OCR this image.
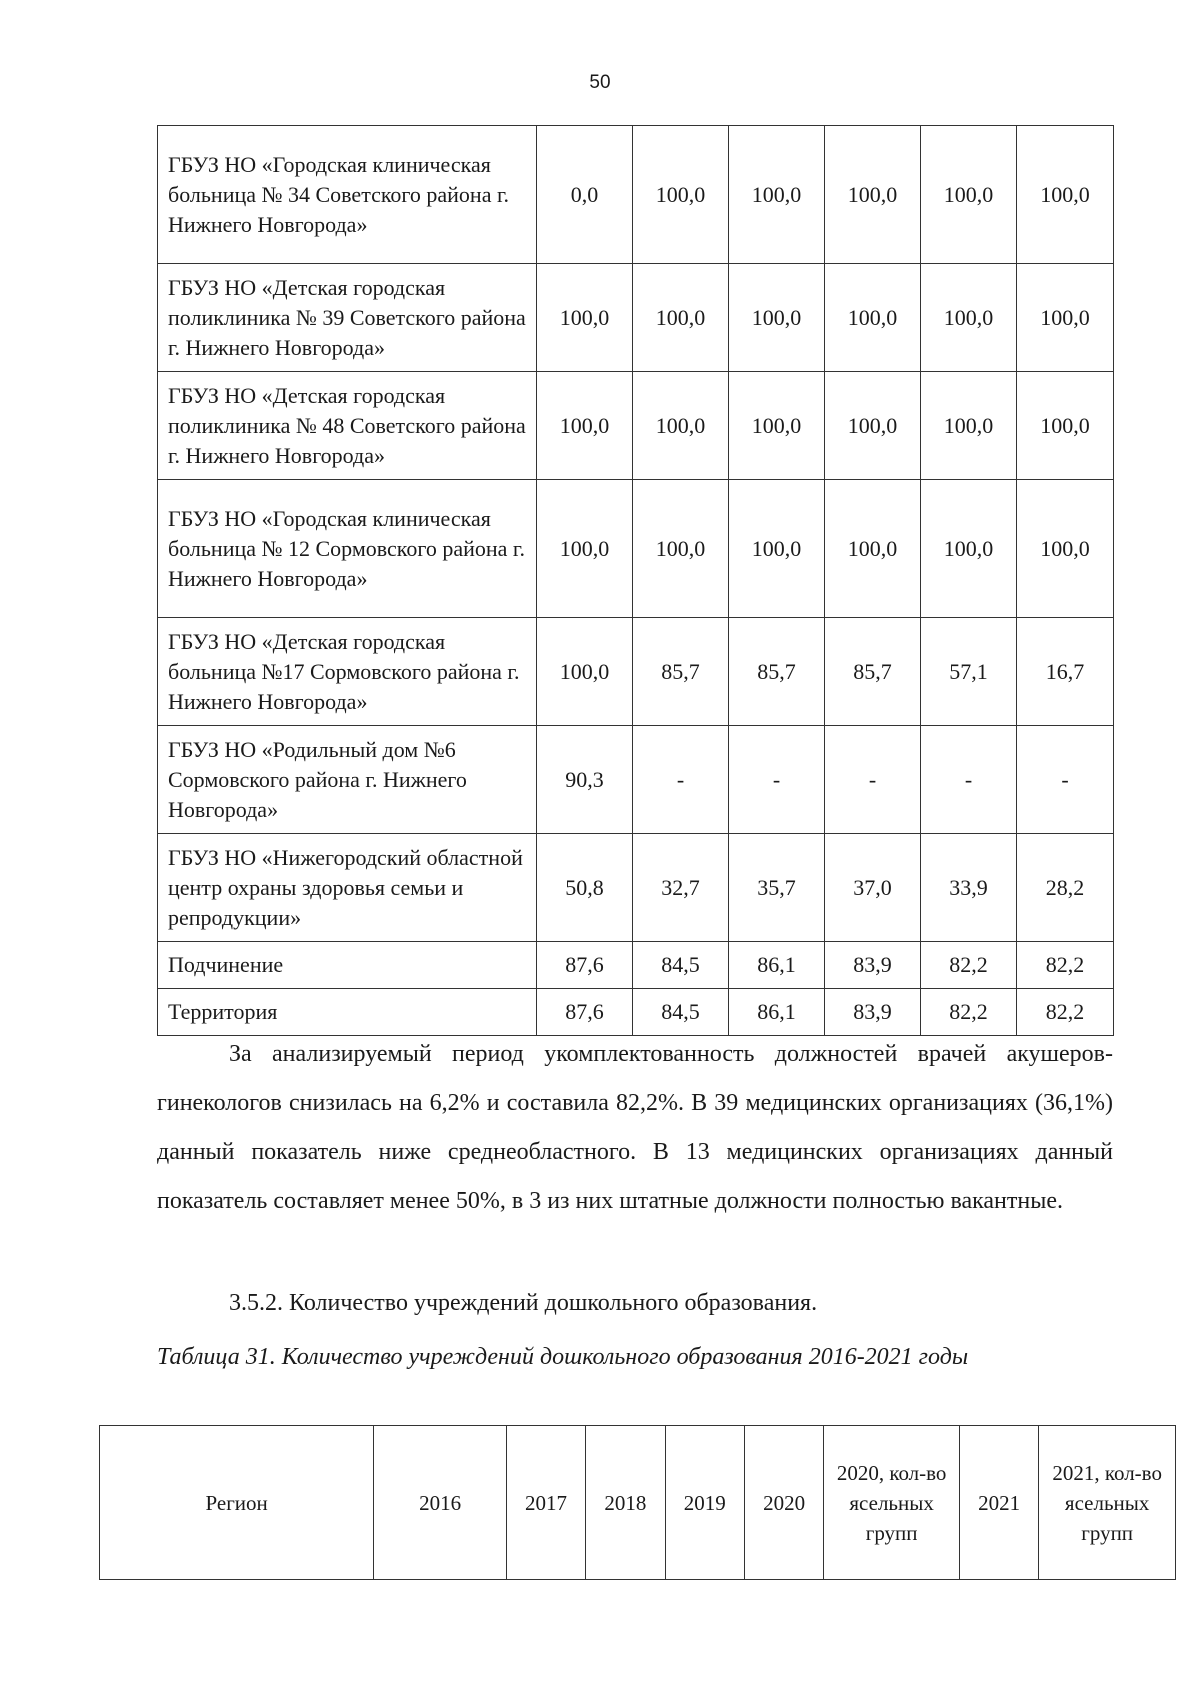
50
ГБУЗ НО «Городская клиническая больница № 34 Советского района г. Нижнего Новгорода»	0,0	100,0	100,0	100,0	100,0	100,0
ГБУЗ НО «Детская городская поликлиника № 39 Советского района г. Нижнего Новгорода»	100,0	100,0	100,0	100,0	100,0	100,0
ГБУЗ НО «Детская городская поликлиника № 48 Советского района г. Нижнего Новгорода»	100,0	100,0	100,0	100,0	100,0	100,0
ГБУЗ НО «Городская клиническая больница № 12 Сормовского района г. Нижнего Новгорода»	100,0	100,0	100,0	100,0	100,0	100,0
ГБУЗ НО «Детская городская больница №17 Сормовского района г. Нижнего Новгорода»	100,0	85,7	85,7	85,7	57,1	16,7
ГБУЗ НО «Родильный дом №6 Сормовского района г. Нижнего Новгорода»	90,3	-	-	-	-	-
ГБУЗ НО «Нижегородский областной центр охраны здоровья семьи и репродукции»	50,8	32,7	35,7	37,0	33,9	28,2
Подчинение	87,6	84,5	86,1	83,9	82,2	82,2
Территория	87,6	84,5	86,1	83,9	82,2	82,2

За анализируемый период укомплектованность должностей врачей акушеров-гинекологов снизилась на 6,2% и составила 82,2%. В 39 медицинских организациях (36,1%) данный показатель ниже среднеобластного. В 13 медицинских организациях данный показатель составляет менее 50%, в 3 из них штатные должности полностью вакантные.

3.5.2. Количество учреждений дошкольного образования.

Таблица 31. Количество учреждений дошкольного образования 2016-2021 годы

Регион	2016	2017	2018	2019	2020	2020, кол-во ясельных групп	2021	2021, кол-во ясельных групп
